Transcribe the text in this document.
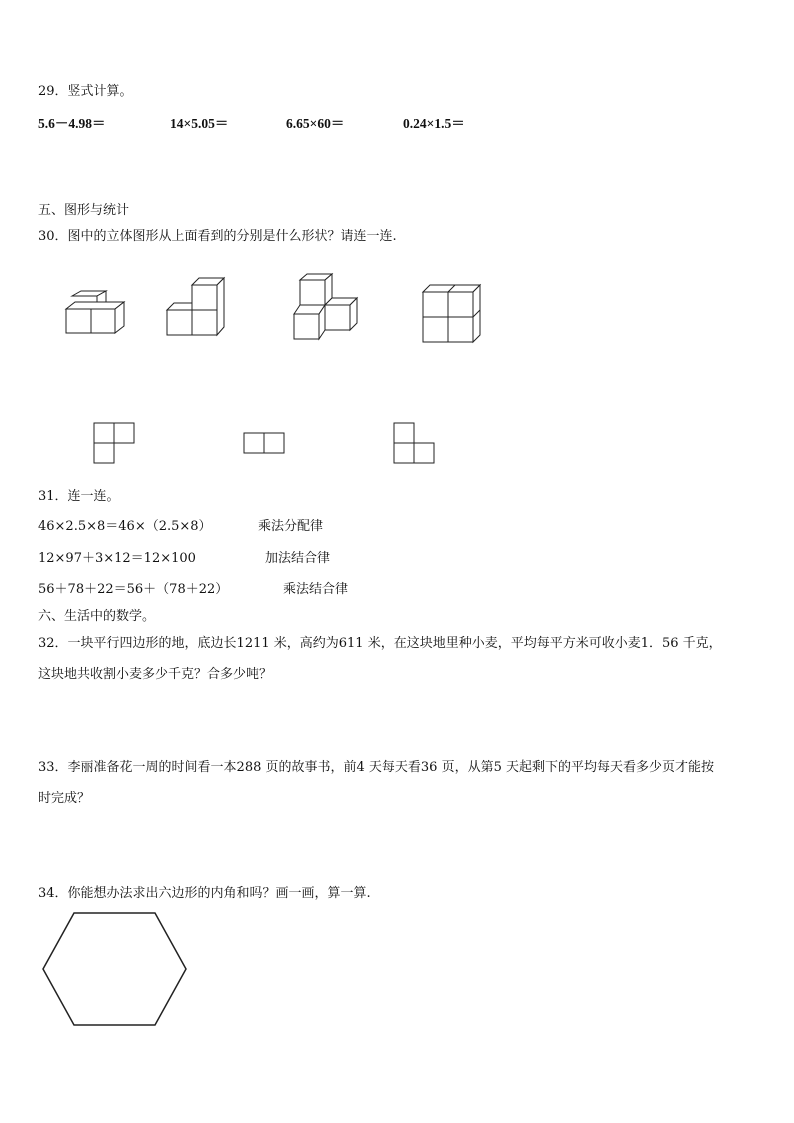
29．竖式计算。
5.6－4.98＝	14×5.05＝	6.65×60＝	0.24×1.5＝
五、图形与统计
30．图中的立体图形从上面看到的分别是什么形状？请连一连.
31．连一连。
46×2.5×8＝46×（2.5×8）	乘法分配律
12×97＋3×12＝12×100	加法结合律
56＋78＋22＝56＋（78＋22）	乘法结合律
六、生活中的数学。
32．一块平行四边形的地，底边长1211 米，高约为611 米，在这块地里种小麦，平均每平方米可收小麦1．56 千克，
这块地共收割小麦多少千克？合多少吨？
33．李丽准备花一周的时间看一本288 页的故事书，前4 天每天看36 页，从第5 天起剩下的平均每天看多少页才能按
时完成？
34．你能想办法求出六边形的内角和吗？画一画，算一算.
